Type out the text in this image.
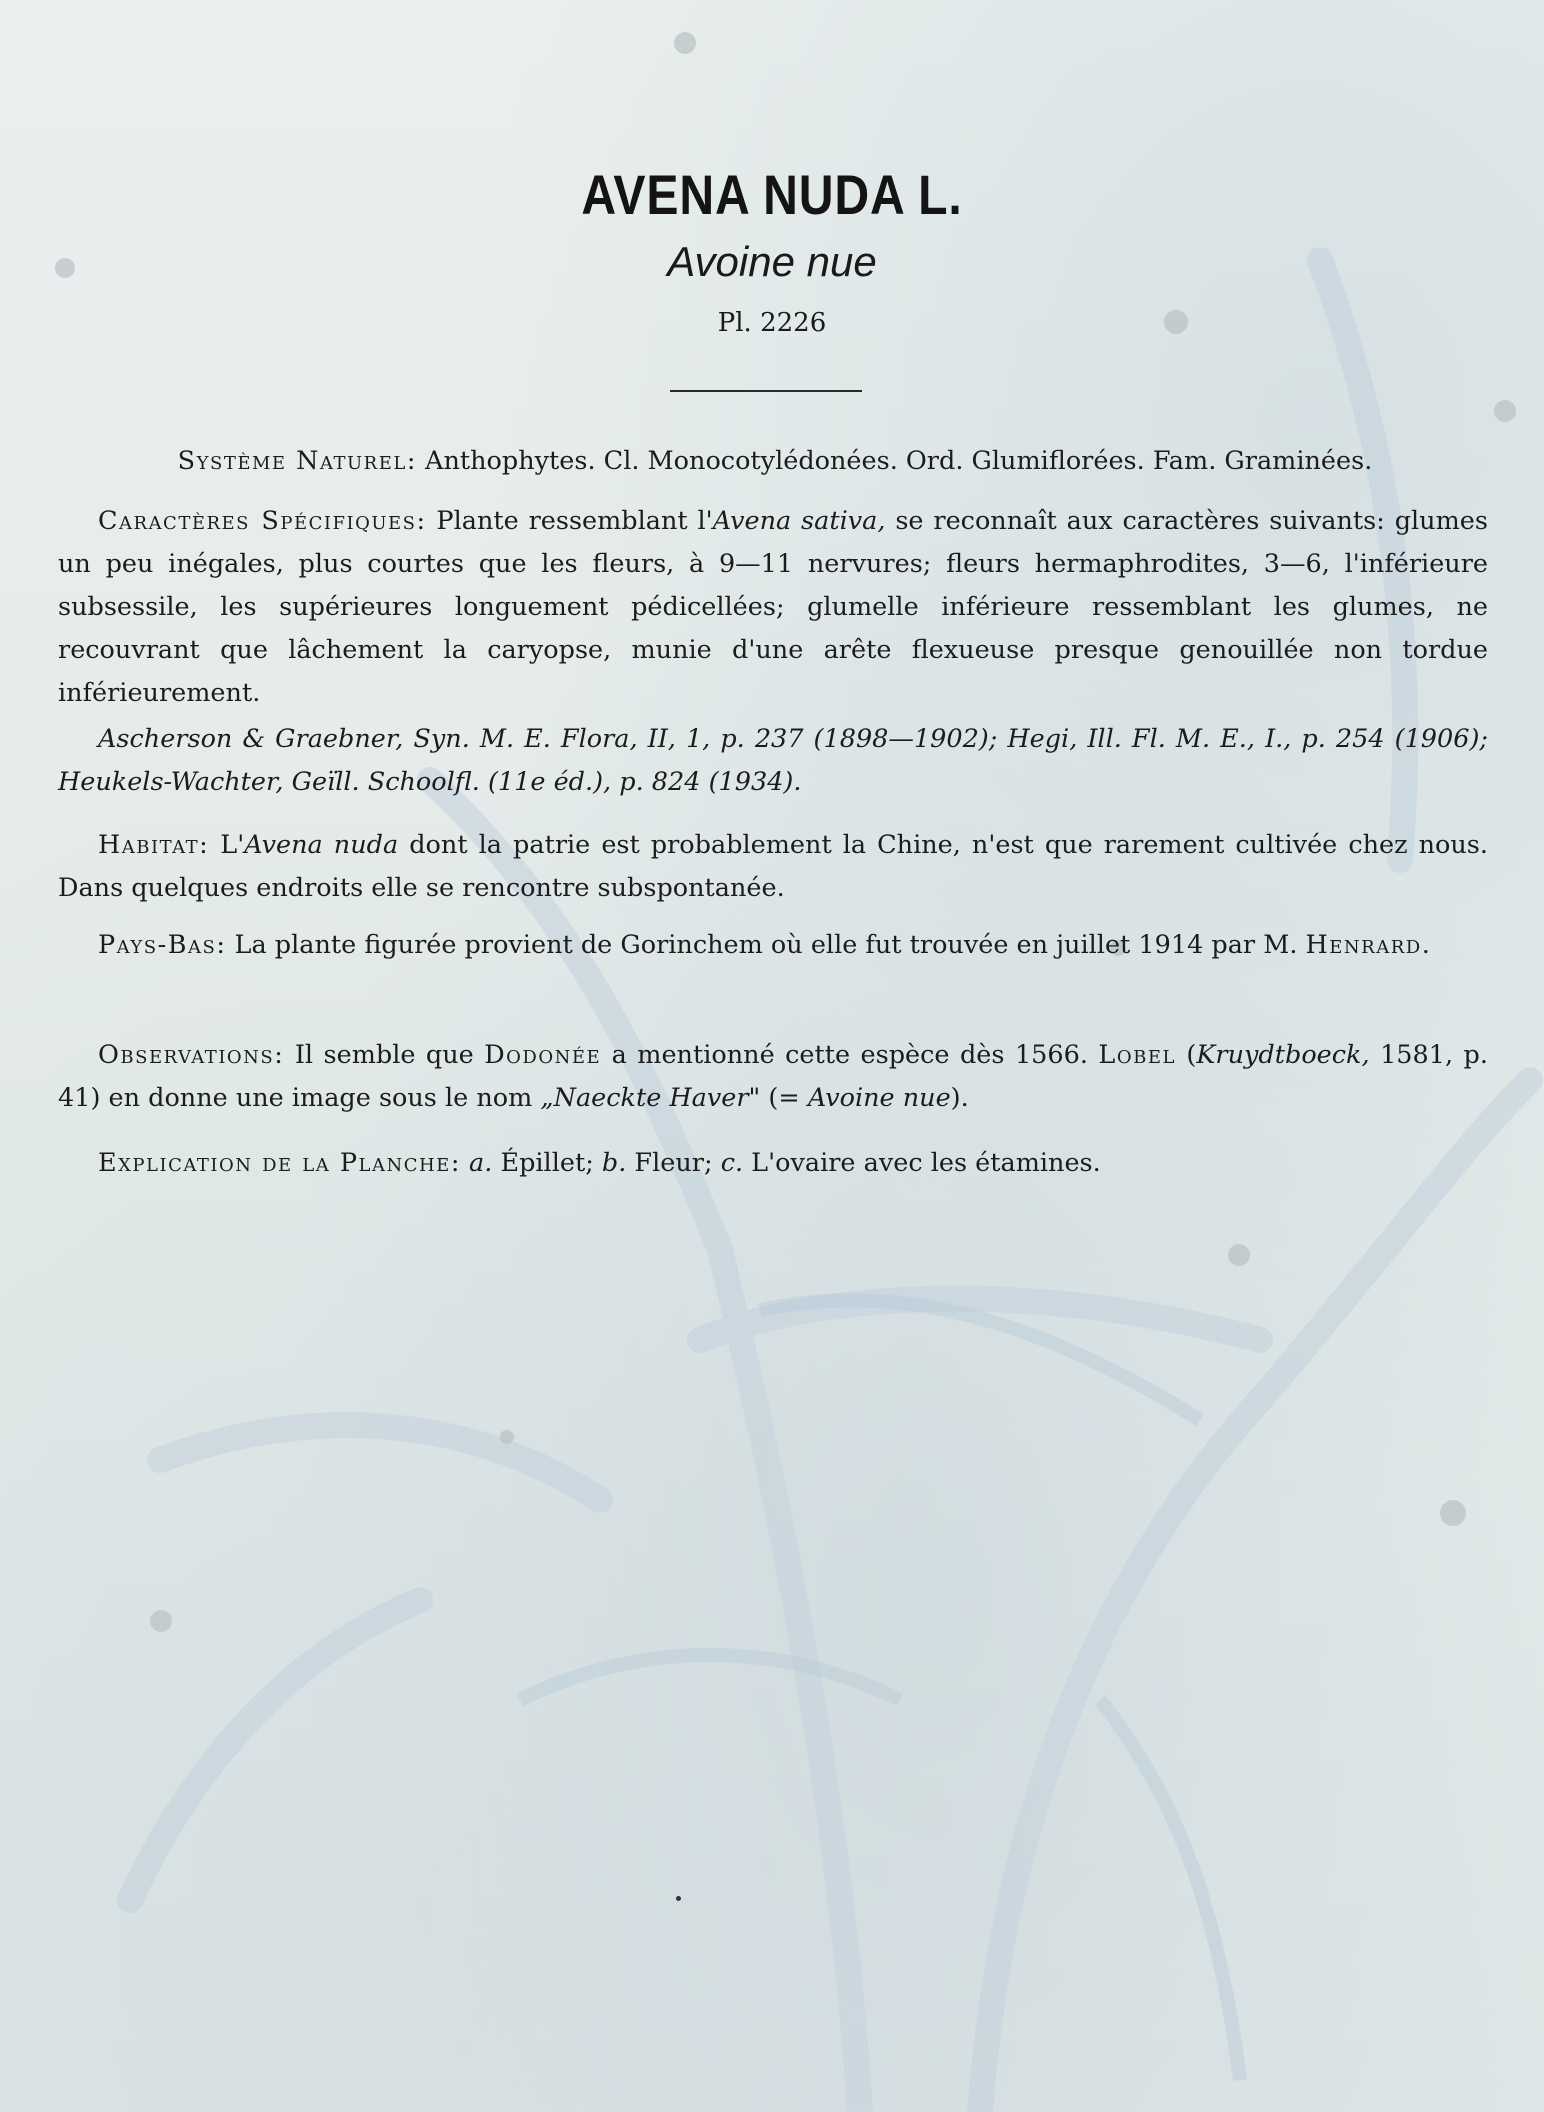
AVENA NUDA L.
Avoine nue
Pl. 2226
Système Naturel: Anthophytes. Cl. Monocotylédonées. Ord. Glumiflorées. Fam. Graminées.
Caractères Spécifiques: Plante ressemblant l'Avena sativa, se reconnaît aux caractères suivants: glumes un peu inégales, plus courtes que les fleurs, à 9—11 nervures; fleurs hermaphrodites, 3—6, l'inférieure subsessile, les supérieures longuement pédicellées; glumelle inférieure ressemblant les glumes, ne recouvrant que lâchement la caryopse, munie d'une arête flexueuse presque genouillée non tordue inférieurement.
Ascherson & Graebner, Syn. M. E. Flora, II, 1, p. 237 (1898—1902); Hegi, Ill. Fl. M. E., I., p. 254 (1906); Heukels-Wachter, Geïll. Schoolfl. (11e éd.), p. 824 (1934).
Habitat: L'Avena nuda dont la patrie est probablement la Chine, n'est que rarement cultivée chez nous. Dans quelques endroits elle se rencontre subspontanée.
Pays-Bas: La plante figurée provient de Gorinchem où elle fut trouvée en juillet 1914 par M. Henrard.
Observations: Il semble que Dodonée a mentionné cette espèce dès 1566. Lobel (Kruydtboeck, 1581, p. 41) en donne une image sous le nom „Naeckte Haver" (= Avoine nue).
Explication de la Planche: a. Épillet; b. Fleur; c. L'ovaire avec les étamines.
